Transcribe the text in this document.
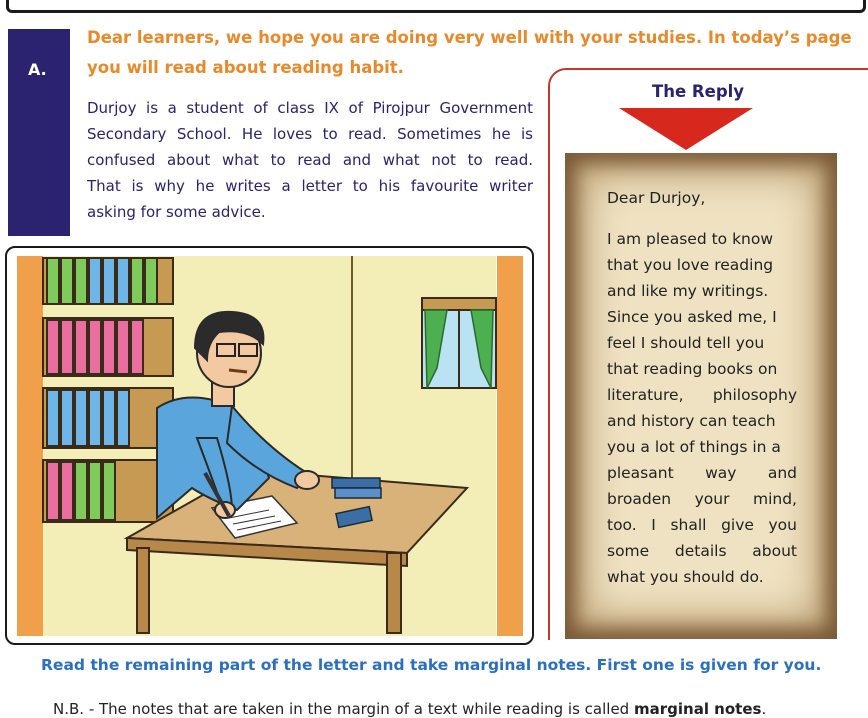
A.
Dear learners, we hope you are doing very well with your studies. In today’s page
you will read about reading habit.
Durjoy is a student of class IX of Pirojpur Government
Secondary School. He loves to read. Sometimes he is
confused about what to read and what not to read.
That is why he writes a letter to his favourite writer
asking for some advice.
The Reply
Dear Durjoy,
I am pleased to know
that you love reading
and like my writings.
Since you asked me, I
feel I should tell you
that reading books on
literature, philosophy
and history can teach
you a lot of things in a
pleasant way and
broaden your mind,
too. I shall give you
some details about
what you should do.
Read the remaining part of the letter and take marginal notes. First one is given for you.
N.B. - The notes that are taken in the margin of a text while reading is called marginal notes.
